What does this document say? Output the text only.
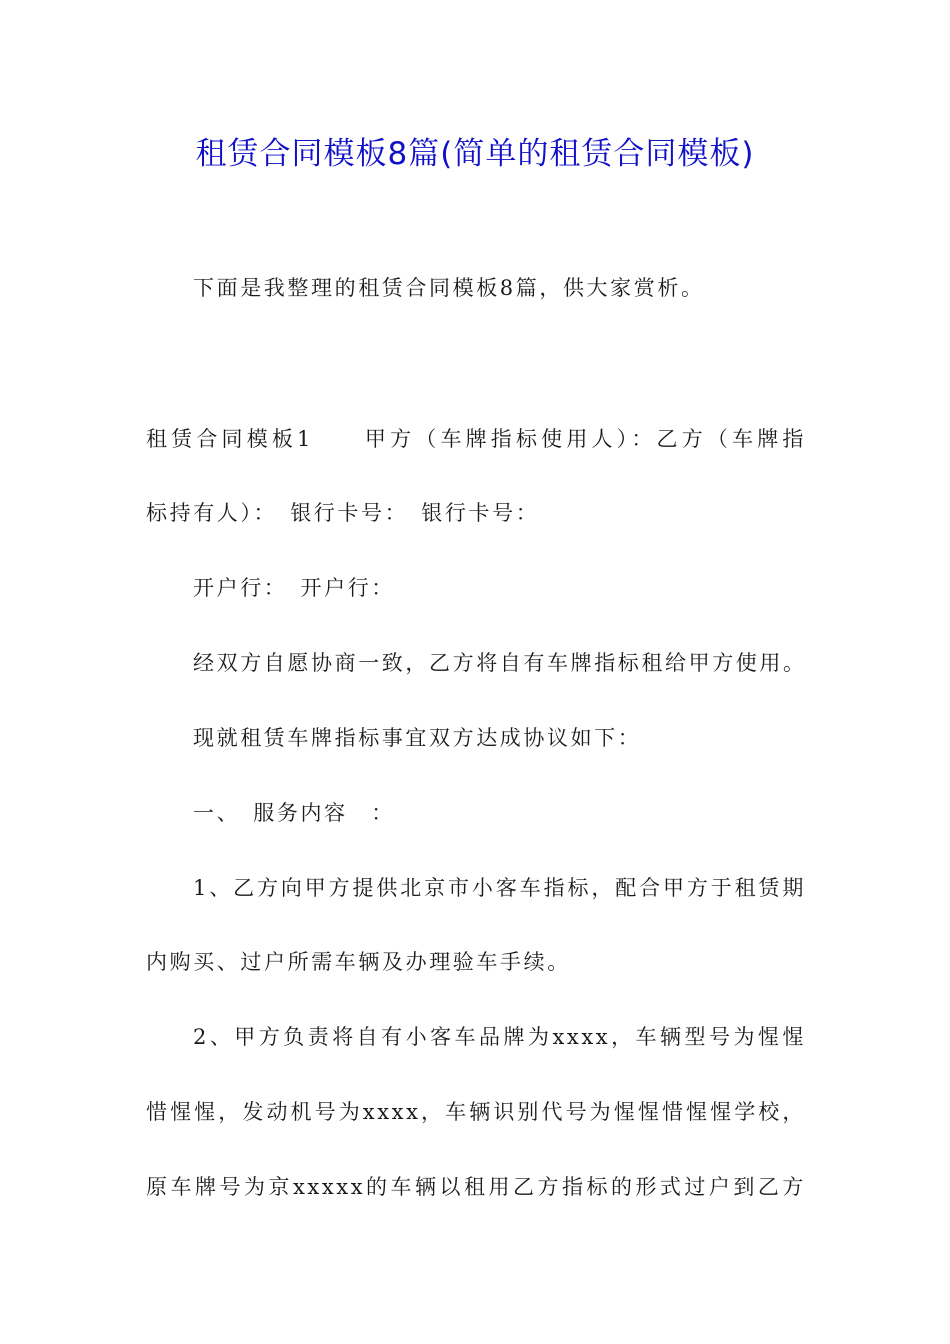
租赁合同模板8篇(简单的租赁合同模板)

下面是我整理的租赁合同模板8篇，供大家赏析。

租赁合同模板1　　甲方（车牌指标使用人）：乙方（车牌指

标持有人）：　银行卡号：　银行卡号：

开户行：　开户行：

经双方自愿协商一致，乙方将自有车牌指标租给甲方使用。

现就租赁车牌指标事宜双方达成协议如下：

一、　服务内容　：

1、乙方向甲方提供北京市小客车指标，配合甲方于租赁期

内购买、过户所需车辆及办理验车手续。

2、甲方负责将自有小客车品牌为xxxx，车辆型号为惺惺

惜惺惺，发动机号为xxxx，车辆识别代号为惺惺惜惺惺学校，

原车牌号为京xxxxx的车辆以租用乙方指标的形式过户到乙方
